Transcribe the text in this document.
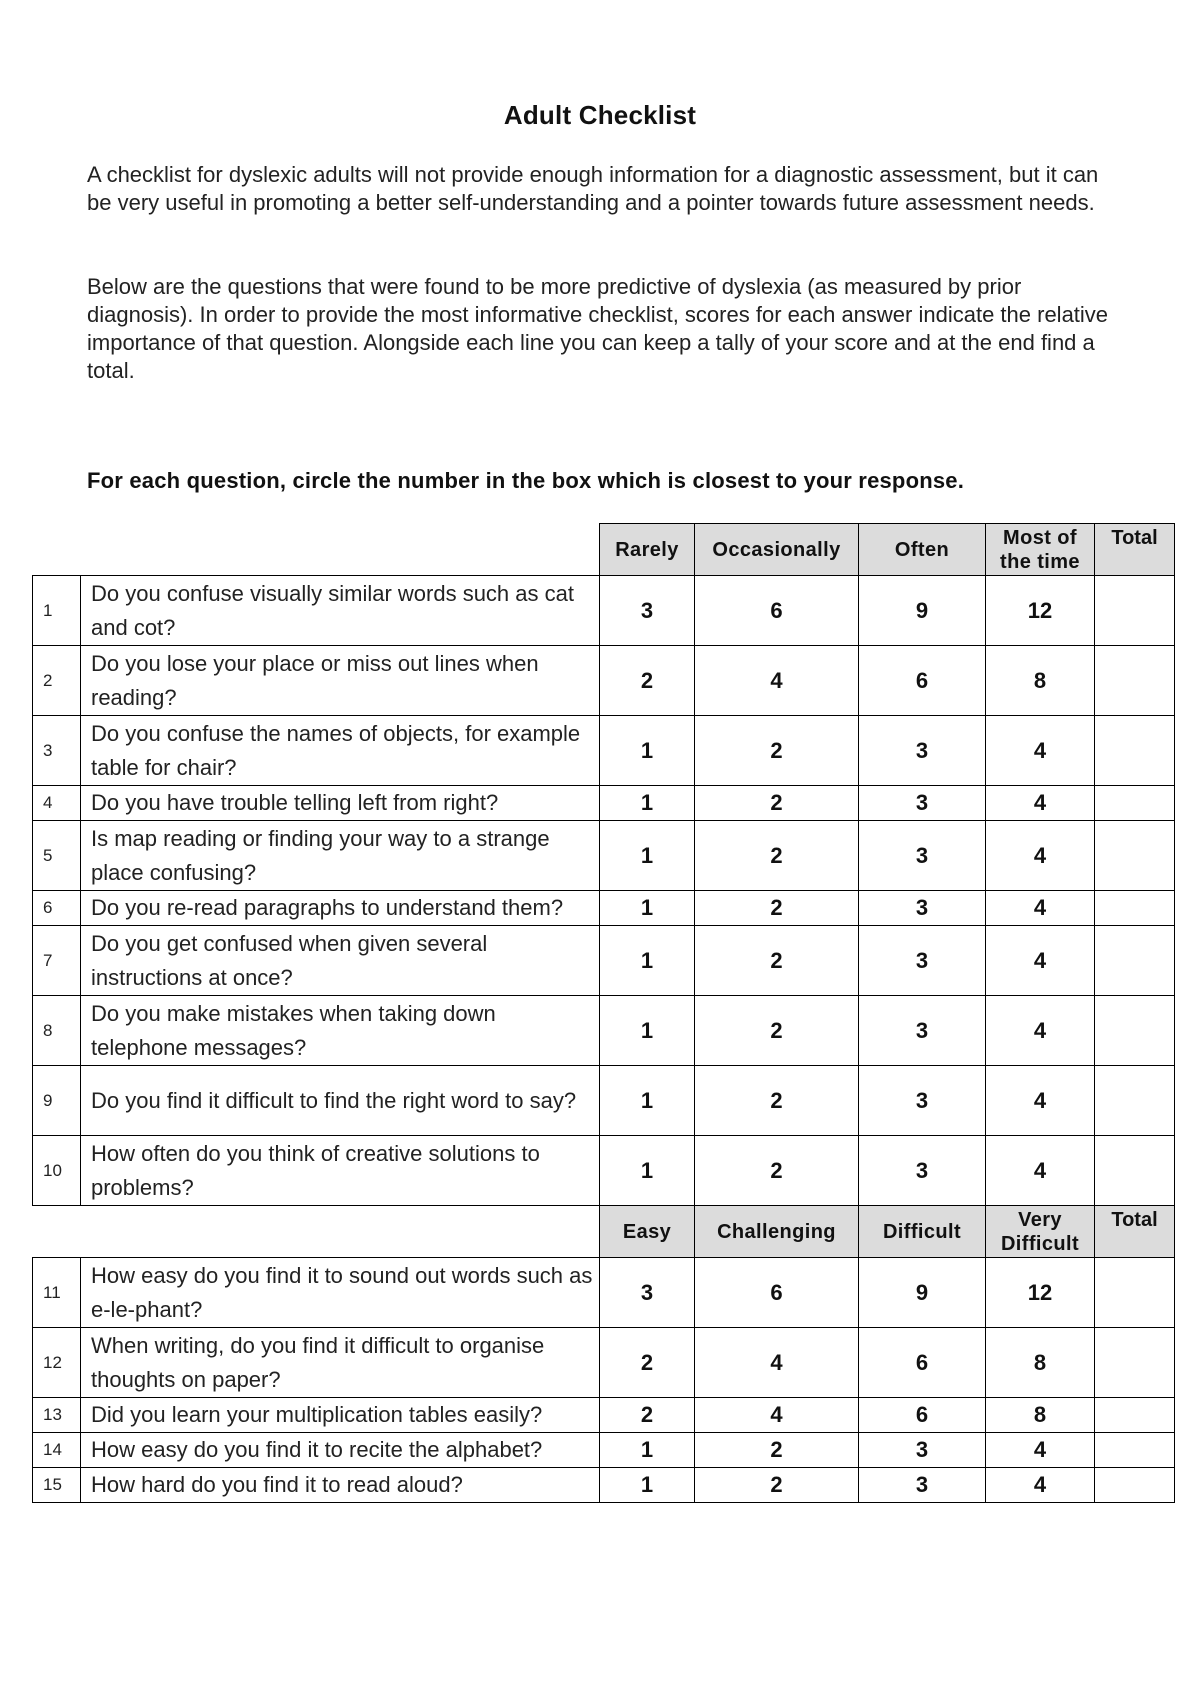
Adult Checklist
A checklist for dyslexic adults will not provide enough information for a diagnostic assessment, but it can be very useful in promoting a better self-understanding and a pointer towards future assessment needs.
Below are the questions that were found to be more predictive of dyslexia (as measured by prior diagnosis). In order to provide the most informative checklist, scores for each answer indicate the relative importance of that question. Alongside each line you can keep a tally of your score and at the end find a total.
For each question, circle the number in the box which is closest to your response.
		Rarely	Occasionally	Often	Most of the time	Total
1	Do you confuse visually similar words such as cat and cot?	3	6	9	12	
2	Do you lose your place or miss out lines when reading?	2	4	6	8	
3	Do you confuse the names of objects, for example table for chair?	1	2	3	4	
4	Do you have trouble telling left from right?	1	2	3	4	
5	Is map reading or finding your way to a strange place confusing?	1	2	3	4	
6	Do you re-read paragraphs to understand them?	1	2	3	4	
7	Do you get confused when given several instructions at once?	1	2	3	4	
8	Do you make mistakes when taking down telephone messages?	1	2	3	4	
9	Do you find it difficult to find the right word to say?	1	2	3	4	
10	How often do you think of creative solutions to problems?	1	2	3	4	
		Easy	Challenging	Difficult	Very Difficult	Total
11	How easy do you find it to sound out words such as e-le-phant?	3	6	9	12	
12	When writing, do you find it difficult to organise thoughts on paper?	2	4	6	8	
13	Did you learn your multiplication tables easily?	2	4	6	8	
14	How easy do you find it to recite the alphabet?	1	2	3	4	
15	How hard do you find it to read aloud?	1	2	3	4	
